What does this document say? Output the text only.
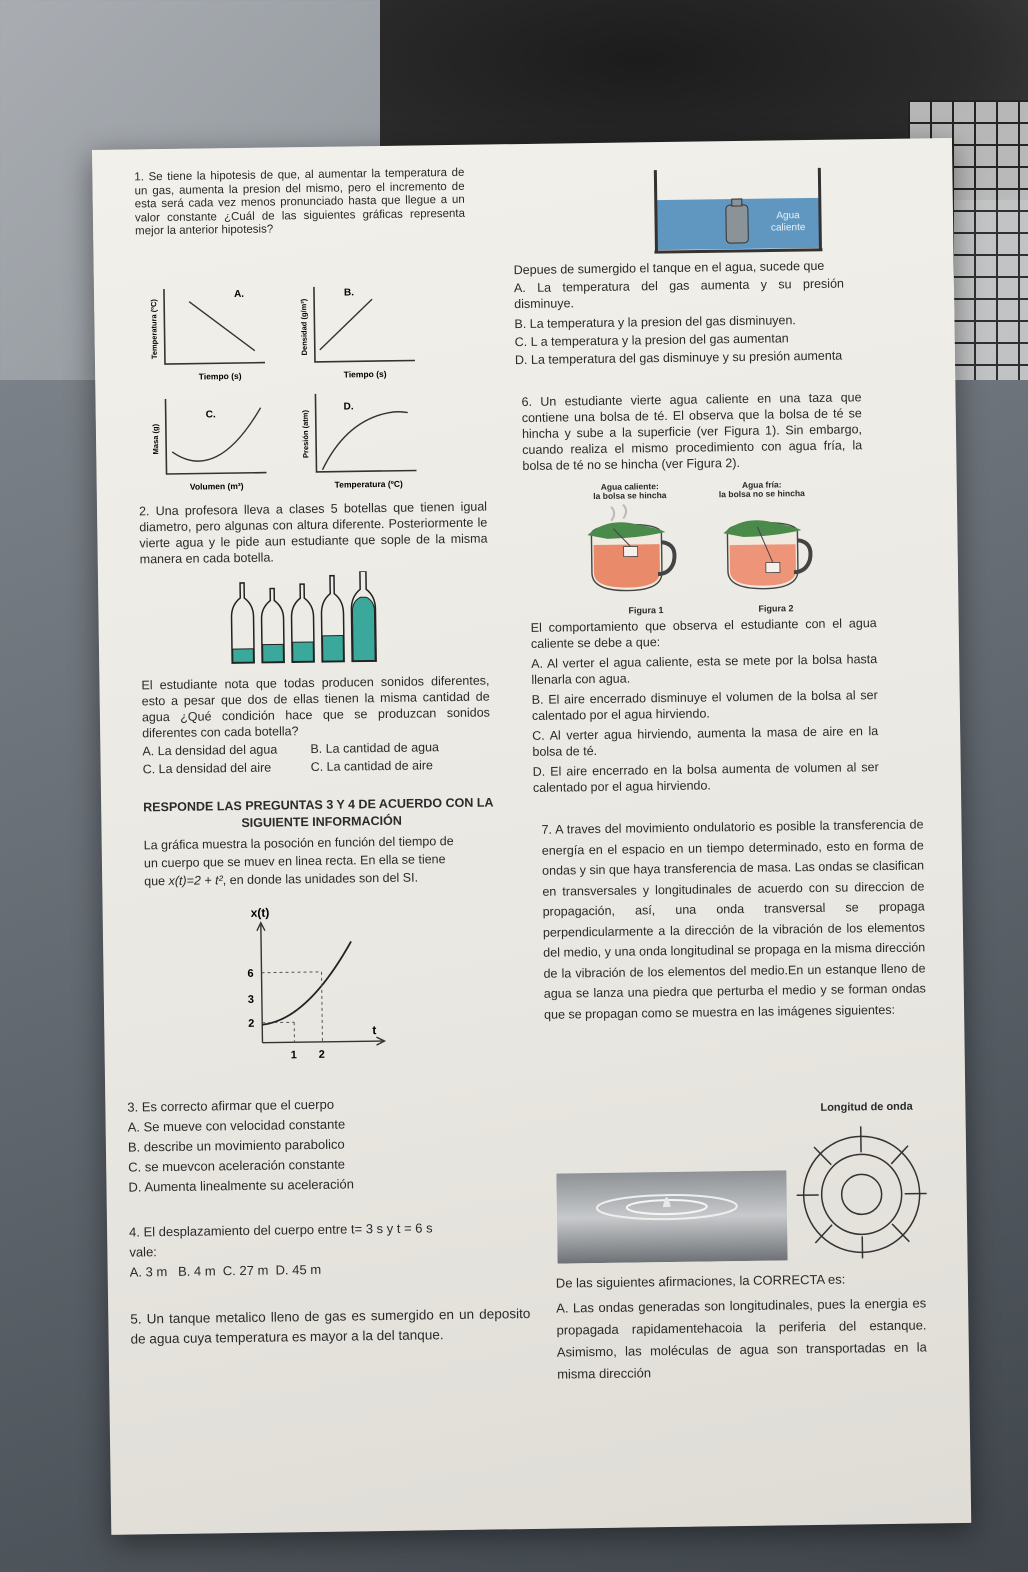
1. Se tiene la hipotesis de que, al aumentar la temperatura de un gas, aumenta la presion del mismo, pero el incremento de esta será cada vez menos pronunciado hasta que llegue a un valor constante ¿Cuál de las siguientes gráficas representa mejor la anterior hipotesis?
A.
Tiempo (s)
Temperatura (ºC)
B.
Tiempo (s)
Densidad (g/m³)
C.
Volumen (m³)
Masa (g)
D.
Temperatura (ºC)
Presión (atm)
2. Una profesora lleva a clases 5 botellas que tienen igual diametro, pero algunas con altura diferente. Posteriormente le vierte agua y le pide aun estudiante que sople de la misma manera en cada botella.
El estudiante nota que todas producen sonidos diferentes, esto a pesar que dos de ellas tienen la misma cantidad de agua ¿Qué condición hace que se produzcan sonidos diferentes con cada botella?
A. La densidad del agua	B. La cantidad de agua
C. La densidad del aire	C. La cantidad de aire
RESPONDE LAS PREGUNTAS 3 Y 4 DE ACUERDO CON LA
SIGUIENTE INFORMACIÓN
La gráfica muestra la posoción en función del tiempo de
un cuerpo que se muev en linea recta. En ella se tiene
que x(t)=2 + t², en donde las unidades son del SI.
x(t)
t
6
3
2
1 2
3. Es correcto afirmar que el cuerpo
A. Se mueve con velocidad constante
B. describe un movimiento parabolico
C. se muevcon aceleración constante
D. Aumenta linealmente su aceleración
4. El desplazamiento del cuerpo entre t= 3 s y t = 6 s
vale:
A. 3 m   B. 4 m  C. 27 m  D. 45 m
5. Un tanque metalico lleno de gas es sumergido en un deposito de agua cuya temperatura es mayor a la del tanque.
Agua
caliente
Depues de sumergido el tanque en el agua, sucede que
A. La temperatura del gas aumenta y su presión disminuye.
B. La temperatura y la presion del gas disminuyen.
C. L a temperatura y la presion del gas aumentan
D. La temperatura del gas disminuye y su presión aumenta
6. Un estudiante vierte agua caliente en una taza que contiene una bolsa de té. El observa que la bolsa de té se hincha y sube a la superficie (ver Figura 1). Sin embargo, cuando realiza el mismo procedimiento con agua fría, la bolsa de té no se hincha (ver Figura 2).
Agua caliente:
la bolsa se hincha
Agua fría:
la bolsa no se hincha
Figura 1	Figura 2
El comportamiento que observa el estudiante con el agua caliente se debe a que:
A. Al verter el agua caliente, esta se mete por la bolsa hasta llenarla con agua.
B. El aire encerrado disminuye el volumen de la bolsa al ser calentado por el agua hirviendo.
C. Al verter agua hirviendo, aumenta la masa de aire en la bolsa de té.
D. El aire encerrado en la bolsa aumenta de volumen al ser calentado por el agua hirviendo.
7. A traves del movimiento ondulatorio es posible la transferencia de energía en el espacio en un tiempo determinado, esto en forma de ondas y sin que haya transferencia de masa. Las ondas se clasifican en transversales y longitudinales de acuerdo con su direccion de propagación, así, una onda transversal se propaga perpendicularmente a la dirección de la vibración de los elementos del medio, y una onda longitudinal se propaga en la misma dirección de la vibración de los elementos del medio.En un estanque lleno de agua se lanza una piedra que perturba el medio y se forman ondas que se propagan como se muestra en las imágenes siguientes:
Longitud de onda
De las siguientes afirmaciones, la CORRECTA es:
A. Las ondas generadas son longitudinales, pues la energia es propagada rapidamentehacoia la periferia del estanque. Asimismo, las moléculas de agua son transportadas en la misma dirección
